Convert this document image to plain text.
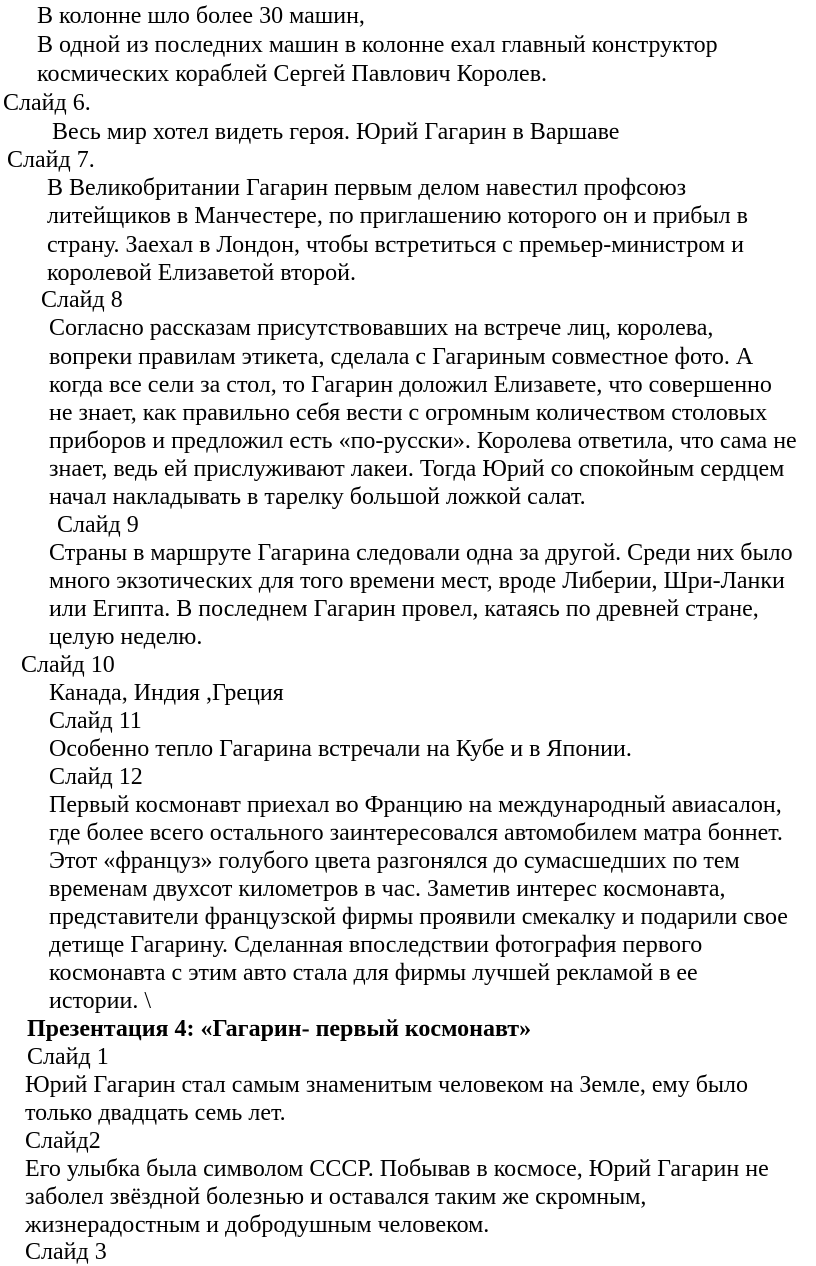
В колонне шло более 30 машин,

В одной из последних машин в колонне ехал главный конструктор

космических кораблей Сергей Павлович Королев.

Слайд 6.

Весь мир хотел видеть героя. Юрий Гагарин в Варшаве

Слайд 7.

В Великобритании Гагарин первым делом навестил профсоюз

литейщиков в Манчестере, по приглашению которого он и прибыл в

страну. Заехал в Лондон, чтобы встретиться с премьер-министром и

королевой Елизаветой второй.

Слайд 8

Согласно рассказам присутствовавших на встрече лиц, королева,

вопреки правилам этикета, сделала с Гагариным совместное фото. А

когда все сели за стол, то Гагарин доложил Елизавете, что совершенно

не знает, как правильно себя вести с огромным количеством столовых

приборов и предложил есть «по-русски». Королева ответила, что сама не

знает, ведь ей прислуживают лакеи. Тогда Юрий со спокойным сердцем

начал накладывать в тарелку большой ложкой салат.

Слайд 9

Страны в маршруте Гагарина следовали одна за другой. Среди них было

много экзотических для того времени мест, вроде Либерии, Шри-Ланки

или Египта. В последнем Гагарин провел, катаясь по древней стране,

целую неделю.

Слайд 10

Канада, Индия ,Греция

Слайд 11

Особенно тепло Гагарина встречали на Кубе и в Японии.

Слайд 12

Первый космонавт приехал во Францию на международный авиасалон,

где более всего остального заинтересовался автомобилем матра боннет.

Этот «француз» голубого цвета разгонялся до сумасшедших по тем

временам двухсот километров в час. Заметив интерес космонавта,

представители французской фирмы проявили смекалку и подарили свое

детище Гагарину. Сделанная впоследствии фотография первого

космонавта с этим авто стала для фирмы лучшей рекламой в ее

истории. \

Презентация 4: «Гагарин- первый космонавт»

Слайд 1

Юрий Гагарин стал самым знаменитым человеком на Земле, ему было

только двадцать семь лет.

Слайд2

Его улыбка была символом СССР. Побывав в космосе, Юрий Гагарин не

заболел звёздной болезнью и оставался таким же скромным,

жизнерадостным и добродушным человеком.

Слайд 3
